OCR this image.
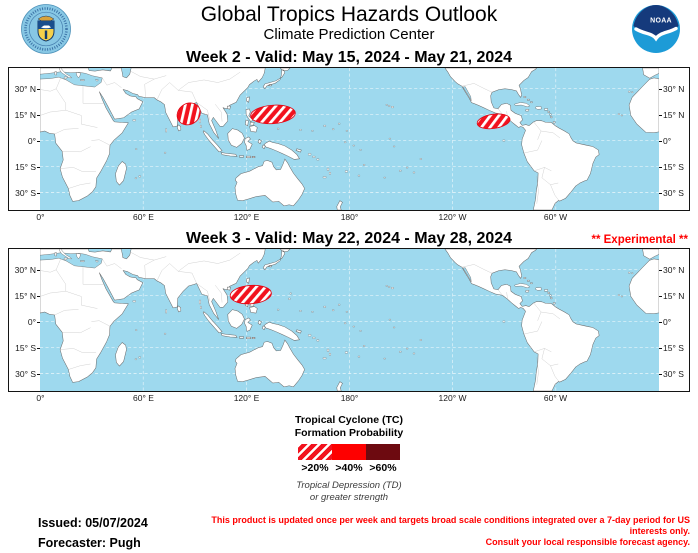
Global Tropics Hazards Outlook
Climate Prediction Center
NOAA
Week 2 - Valid: May 15, 2024 - May 21, 2024
30° N
15° N
0°
15° S
30° S
30° N
15° N
0°
15° S
30° S
0°	60° E	120° E	180°	120° W	60° W
Week 3 - Valid: May 22, 2024 - May 28, 2024	** Experimental **
30° N
15° N
0°
15° S
30° S
30° N
15° N
0°
15° S
30° S
0°	60° E	120° E	180°	120° W	60° W
Tropical Cyclone (TC)
Formation Probability
>20% >40% >60%
Tropical Depression (TD)
or greater strength
Issued: 05/07/2024
Forecaster: Pugh
This product is updated once per week and targets broad scale conditions integrated over a 7-day period for US interests only.
Consult your local responsible forecast agency.
